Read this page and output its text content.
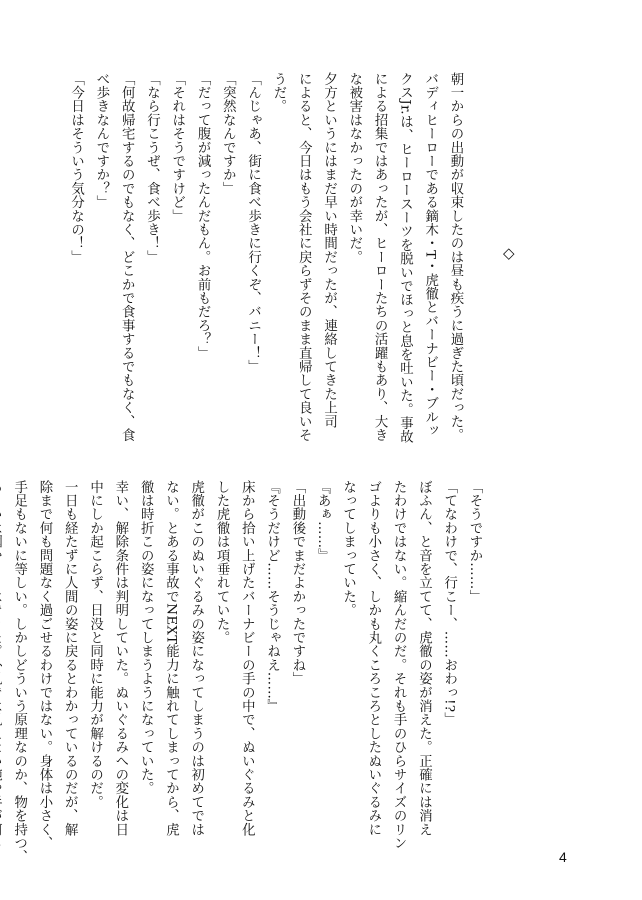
朝一からの出動が収束したのは昼も疾うに過ぎた頃だった。

バディヒーローである鏑木・T・虎徹とバーナビー・ブルッ

クスJr.は、ヒーロースーツを脱いでほっと息を吐いた。事故

による招集ではあったが、ヒーローたちの活躍もあり、大き

な被害はなかったのが幸いだ。

夕方というにはまだ早い時間だったが、連絡してきた上司

によると、今日はもう会社に戻らずそのまま直帰して良いそ

うだ。

「んじゃあ、街に食べ歩きに行くぞ、バニー！」

「突然なんですか」

「だって腹が減ったんだもん。お前もだろ？」

「それはそうですけど」

「なら行こうぜ、食べ歩き！」

「何故帰宅するのでもなく、どこかで食事するでもなく、食

べ歩きなんですか？」

「今日はそういう気分なの！」	◇

「そうですか……」

「てなわけで、行こー、……おわっ!?」

ぼふん、と音を立てて、虎徹の姿が消えた。正確には消え

たわけではない。縮んだのだ。それも手のひらサイズのリン

ゴよりも小さく、しかも丸くころころとしたぬいぐるみに

なってしまっていた。

『あぁ……』

「出動後でまだよかったですね」

『そうだけど……そうじゃねえ……』

床から拾い上げたバーナビーの手の中で、ぬいぐるみと化

した虎徹は項垂れていた。

虎徹がこのぬいぐるみの姿になってしまうのは初めてでは

ない。とある事故でNEXT能力に触れてしまってから、虎

徹は時折この姿になってしまうようになっていた。

幸い、解除条件は判明していた。ぬいぐるみへの変化は日

中にしか起こらず、日没と同時に能力が解けるのだ。

一日も経たずに人間の姿に戻るとわかっているのだが、解

除まで何も問題なく過ごせるわけではない。身体は小さく、

手足もないに等しい。しかしどういう原理なのか、物を持つ、	4
